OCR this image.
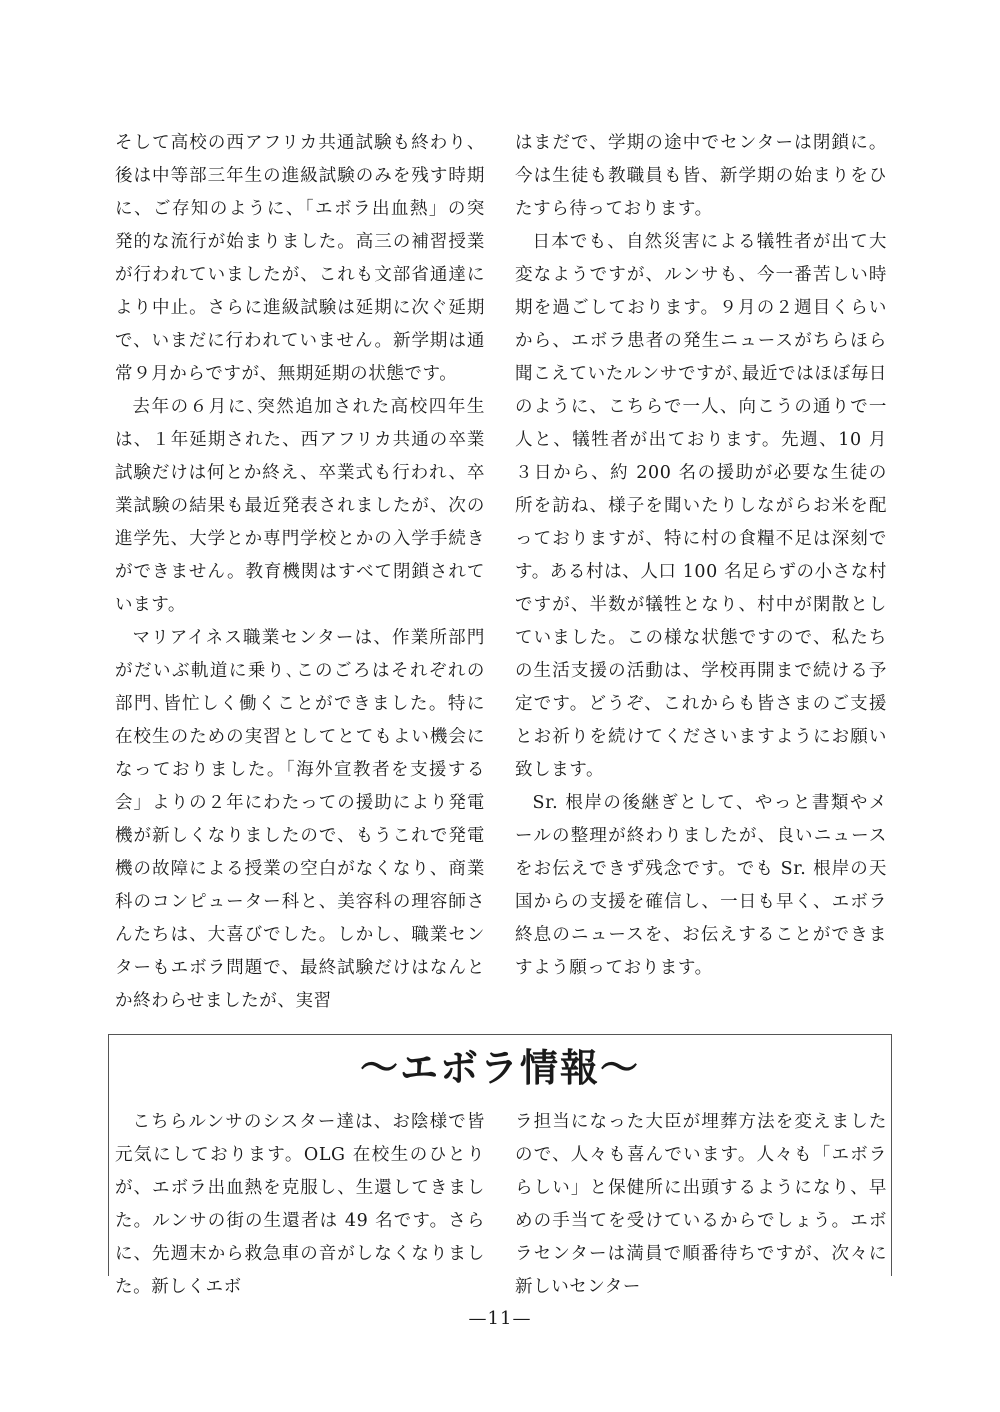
そして高校の西アフリカ共通試験も終わり、後は中等部三年生の進級試験のみを残す時期に、ご存知のように、「エボラ出血熱」の突発的な流行が始まりました。高三の補習授業が行われていましたが、これも文部省通達により中止。さらに進級試験は延期に次ぐ延期で、いまだに行われていません。新学期は通常９月からですが、無期延期の状態です。

去年の６月に､突然追加された高校四年生は、１年延期された、西アフリカ共通の卒業試験だけは何とか終え、卒業式も行われ、卒業試験の結果も最近発表されましたが、次の進学先、大学とか専門学校とかの入学手続きができません。教育機関はすべて閉鎖されています。

マリアイネス職業センターは、作業所部門がだいぶ軌道に乗り､このごろはそれぞれの部門､皆忙しく働くことができました。特に在校生のための実習としてとてもよい機会になっておりました。「海外宣教者を支援する会」よりの２年にわたっての援助により発電機が新しくなりましたので、もうこれで発電機の故障による授業の空白がなくなり、商業科のコンピューター科と、美容科の理容師さんたちは、大喜びでした。しかし、職業センターもエボラ問題で、最終試験だけはなんとか終わらせましたが、実習

はまだで、学期の途中でセンターは閉鎖に。今は生徒も教職員も皆、新学期の始まりをひたすら待っております。

日本でも、自然災害による犠牲者が出て大変なようですが、ルンサも、今一番苦しい時期を過ごしております。９月の２週目くらいから、エボラ患者の発生ニュースがちらほら聞こえていたルンサですが､最近ではほぼ毎日のように、こちらで一人、向こうの通りで一人と、犠牲者が出ております。先週、10 月３日から、約 200 名の援助が必要な生徒の所を訪ね、様子を聞いたりしながらお米を配っておりますが、特に村の食糧不足は深刻です。ある村は、人口 100 名足らずの小さな村ですが、半数が犠牲となり、村中が閑散としていました。この様な状態ですので、私たちの生活支援の活動は、学校再開まで続ける予定です。どうぞ、これからも皆さまのご支援とお祈りを続けてくださいますようにお願い致します。

Sr. 根岸の後継ぎとして、やっと書類やメールの整理が終わりましたが、良いニュースをお伝えできず残念です。でも Sr. 根岸の天国からの支援を確信し、一日も早く、エボラ終息のニュースを、お伝えすることができますよう願っております。

〜エボラ情報〜

こちらルンサのシスター達は、お陰様で皆元気にしております。OLG 在校生のひとりが、エボラ出血熱を克服し、生還してきました。ルンサの街の生還者は 49 名です。さらに、先週末から救急車の音がしなくなりました。新しくエボ

ラ担当になった大臣が埋葬方法を変えましたので、人々も喜んでいます。人々も「エボラらしい」と保健所に出頭するようになり、早めの手当てを受けているからでしょう。エボラセンターは満員で順番待ちですが、次々に新しいセンター

—11—
